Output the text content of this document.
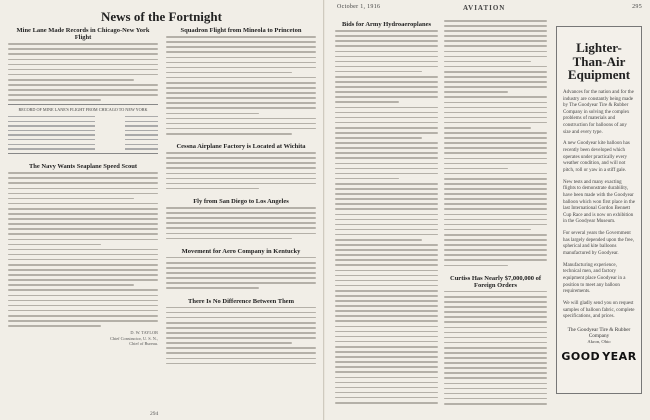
News of the Fortnight
Mine Lane Made Records in Chicago-New York Flight
RECORD OF MINE LANE'S FLIGHT FROM CHICAGO TO NEW YORK
The Navy Wants Seaplane Speed Scout
D. W. TAYLOR
Chief Constructor, U. S. N.,
Chief of Bureau.
Squadron Flight from Mineola to Princeton
Cessna Airplane Factory is Located at Wichita
Fly from San Diego to Los Angeles
Movement for Aero Company in Kentucky
There Is No Difference Between Them
294
October 1, 1916	AVIATION	295
Bids for Army Hydroaeroplanes
Curtiss Has Nearly $7,000,000 of Foreign Orders
Lighter-Than-Air Equipment

Advances for the nation and for the industry are constantly being made by The Goodyear Tire & Rubber Company in solving the complex problems of materials and construction for balloons of any size and every type.

A new Goodyear kite balloon has recently been developed which operates under practically every weather condition, and will not pitch, roll or yaw in a stiff gale.

New tests and many exacting flights to demonstrate durability, have been made with the Goodyear balloon which won first place in the last International Gordon Bennett Cup Race and is now on exhibition in the Goodyear Museum.

For several years the Government has largely depended upon the free, spherical and kite balloons manufactured by Goodyear.

Manufacturing experience, technical men, and factory equipment place Goodyear in a position to meet any balloon requirements.

We will gladly send you on request samples of balloon fabric, complete specifications, and prices.

The Goodyear Tire & Rubber Company
Akron, Ohio
GOOD YEAR
